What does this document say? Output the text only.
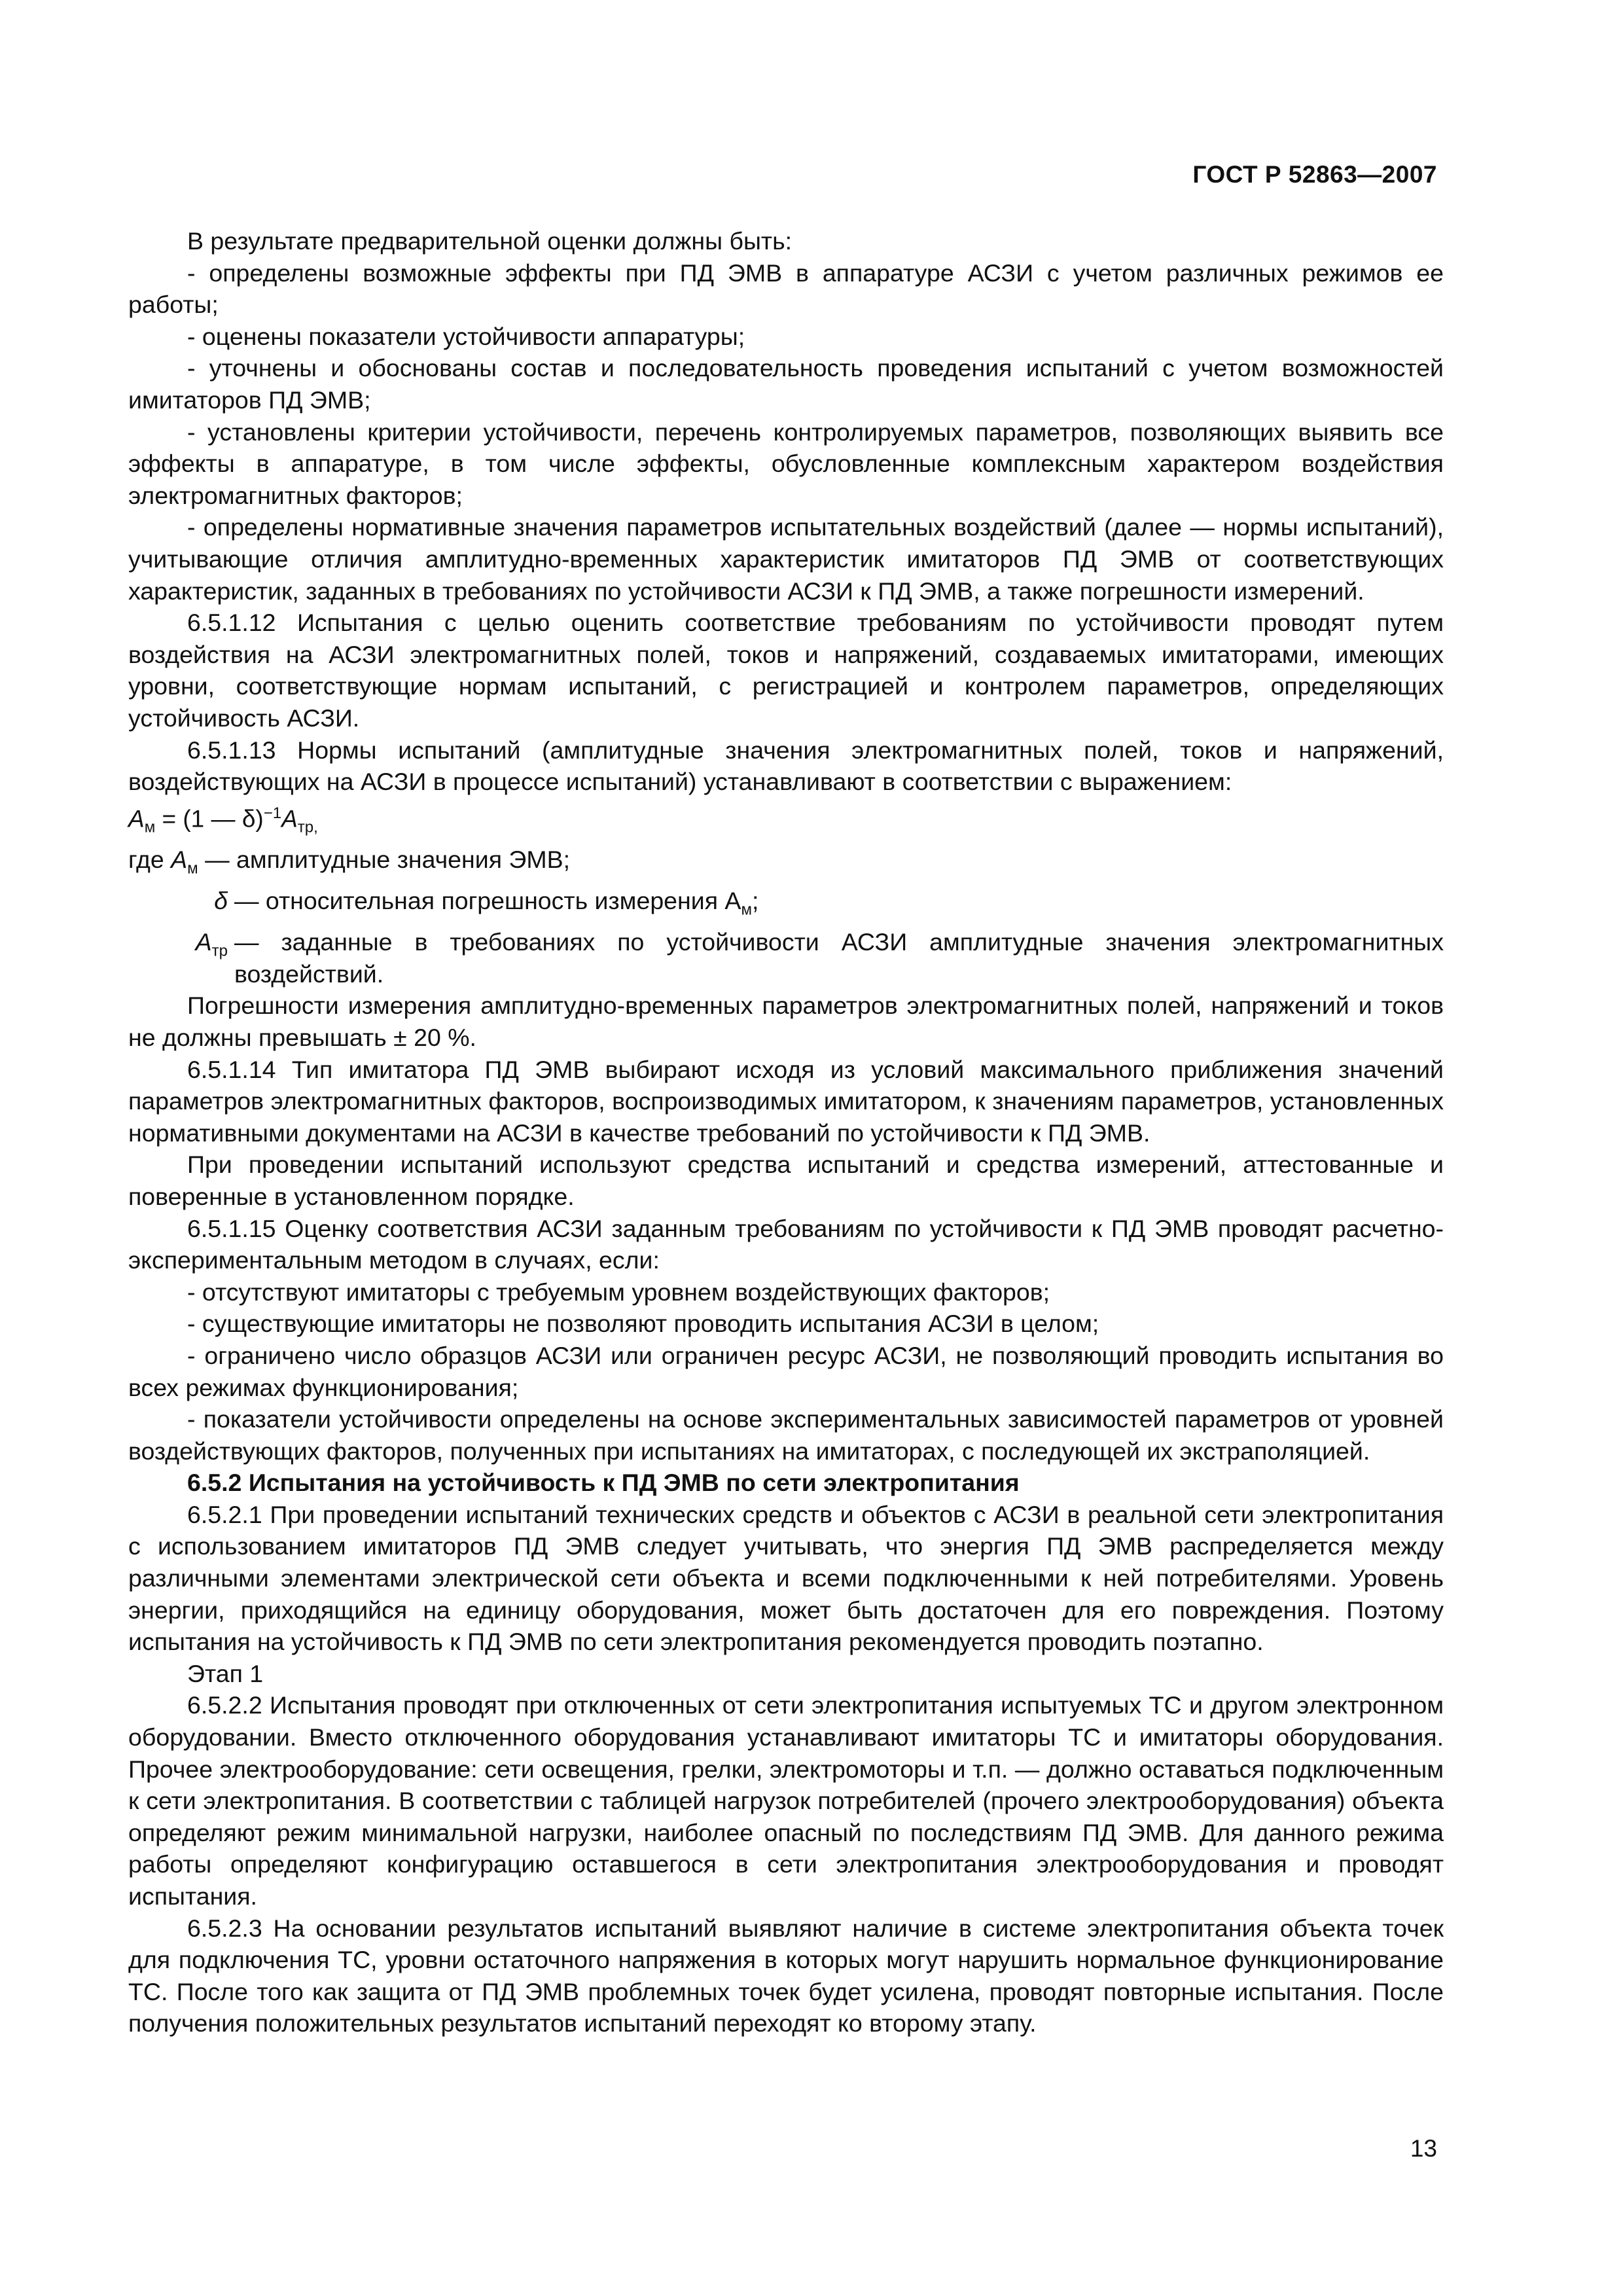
ГОСТ Р 52863—2007

В результате предварительной оценки должны быть:

- определены возможные эффекты при ПД ЭМВ в аппаратуре АСЗИ с учетом различных режимов ее работы;

- оценены показатели устойчивости аппаратуры;

- уточнены и обоснованы состав и последовательность проведения испытаний с учетом возможностей имитаторов ПД ЭМВ;

- установлены критерии устойчивости, перечень контролируемых параметров, позволяющих выявить все эффекты в аппаратуре, в том числе эффекты, обусловленные комплексным характером воздействия электромагнитных факторов;

- определены нормативные значения параметров испытательных воздействий (далее — нормы испытаний), учитывающие отличия амплитудно-временных характеристик имитаторов ПД ЭМВ от соответствующих характеристик, заданных в требованиях по устойчивости АСЗИ к ПД ЭМВ, а также погрешности измерений.

6.5.1.12 Испытания с целью оценить соответствие требованиям по устойчивости проводят путем воздействия на АСЗИ электромагнитных полей, токов и напряжений, создаваемых имитаторами, имеющих уровни, соответствующие нормам испытаний, с регистрацией и контролем параметров, определяющих устойчивость АСЗИ.

6.5.1.13 Нормы испытаний (амплитудные значения электромагнитных полей, токов и напряжений, воздействующих на АСЗИ в процессе испытаний) устанавливают в соответствии с выражением:

$A_м = (1$ — $\delta)^{-1}A_{тр,}$

где $A_м$ — амплитудные значения ЭМВ;
δ — относительная погрешность измерения $A_м$;
$A_{тр}$ — заданные в требованиях по устойчивости АСЗИ амплитудные значения электромагнитных воздействий.

Погрешности измерения амплитудно-временных параметров электромагнитных полей, напряжений и токов не должны превышать ± 20 %.

6.5.1.14 Тип имитатора ПД ЭМВ выбирают исходя из условий максимального приближения значений параметров электромагнитных факторов, воспроизводимых имитатором, к значениям параметров, установленных нормативными документами на АСЗИ в качестве требований по устойчивости к ПД ЭМВ.

При проведении испытаний используют средства испытаний и средства измерений, аттестованные и поверенные в установленном порядке.

6.5.1.15 Оценку соответствия АСЗИ заданным требованиям по устойчивости к ПД ЭМВ проводят расчетно-экспериментальным методом в случаях, если:

- отсутствуют имитаторы с требуемым уровнем воздействующих факторов;

- существующие имитаторы не позволяют проводить испытания АСЗИ в целом;

- ограничено число образцов АСЗИ или ограничен ресурс АСЗИ, не позволяющий проводить испытания во всех режимах функционирования;

- показатели устойчивости определены на основе экспериментальных зависимостей параметров от уровней воздействующих факторов, полученных при испытаниях на имитаторах, с последующей их экстраполяцией.

6.5.2 Испытания на устойчивость к ПД ЭМВ по сети электропитания

6.5.2.1 При проведении испытаний технических средств и объектов с АСЗИ в реальной сети электропитания с использованием имитаторов ПД ЭМВ следует учитывать, что энергия ПД ЭМВ распределяется между различными элементами электрической сети объекта и всеми подключенными к ней потребителями. Уровень энергии, приходящийся на единицу оборудования, может быть достаточен для его повреждения. Поэтому испытания на устойчивость к ПД ЭМВ по сети электропитания рекомендуется проводить поэтапно.

Этап 1

6.5.2.2 Испытания проводят при отключенных от сети электропитания испытуемых ТС и другом электронном оборудовании. Вместо отключенного оборудования устанавливают имитаторы ТС и имитаторы оборудования. Прочее электрооборудование: сети освещения, грелки, электромоторы и т.п. — должно оставаться подключенным к сети электропитания. В соответствии с таблицей нагрузок потребителей (прочего электрооборудования) объекта определяют режим минимальной нагрузки, наиболее опасный по последствиям ПД ЭМВ. Для данного режима работы определяют конфигурацию оставшегося в сети электропитания электрооборудования и проводят испытания.

6.5.2.3 На основании результатов испытаний выявляют наличие в системе электропитания объекта точек для подключения ТС, уровни остаточного напряжения в которых могут нарушить нормальное функционирование ТС. После того как защита от ПД ЭМВ проблемных точек будет усилена, проводят повторные испытания. После получения положительных результатов испытаний переходят ко второму этапу.

13
